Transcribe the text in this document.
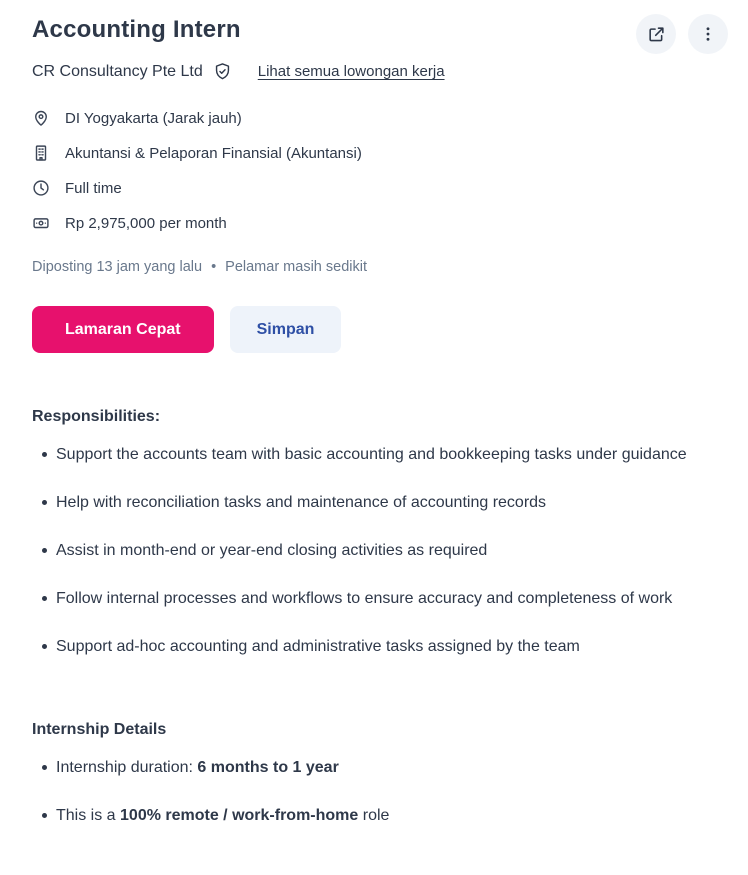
Accounting Intern
CR Consultancy Pte Ltd	Lihat semua lowongan kerja
DI Yogyakarta (Jarak jauh)
Akuntansi & Pelaporan Finansial (Akuntansi)
Full time
Rp 2,975,000 per month
Diposting 13 jam yang lalu • Pelamar masih sedikit
Lamaran Cepat	Simpan
Responsibilities:
Support the accounts team with basic accounting and bookkeeping tasks under guidance
Help with reconciliation tasks and maintenance of accounting records
Assist in month-end or year-end closing activities as required
Follow internal processes and workflows to ensure accuracy and completeness of work
Support ad-hoc accounting and administrative tasks assigned by the team
Internship Details
Internship duration: 6 months to 1 year
This is a 100% remote / work-from-home role
